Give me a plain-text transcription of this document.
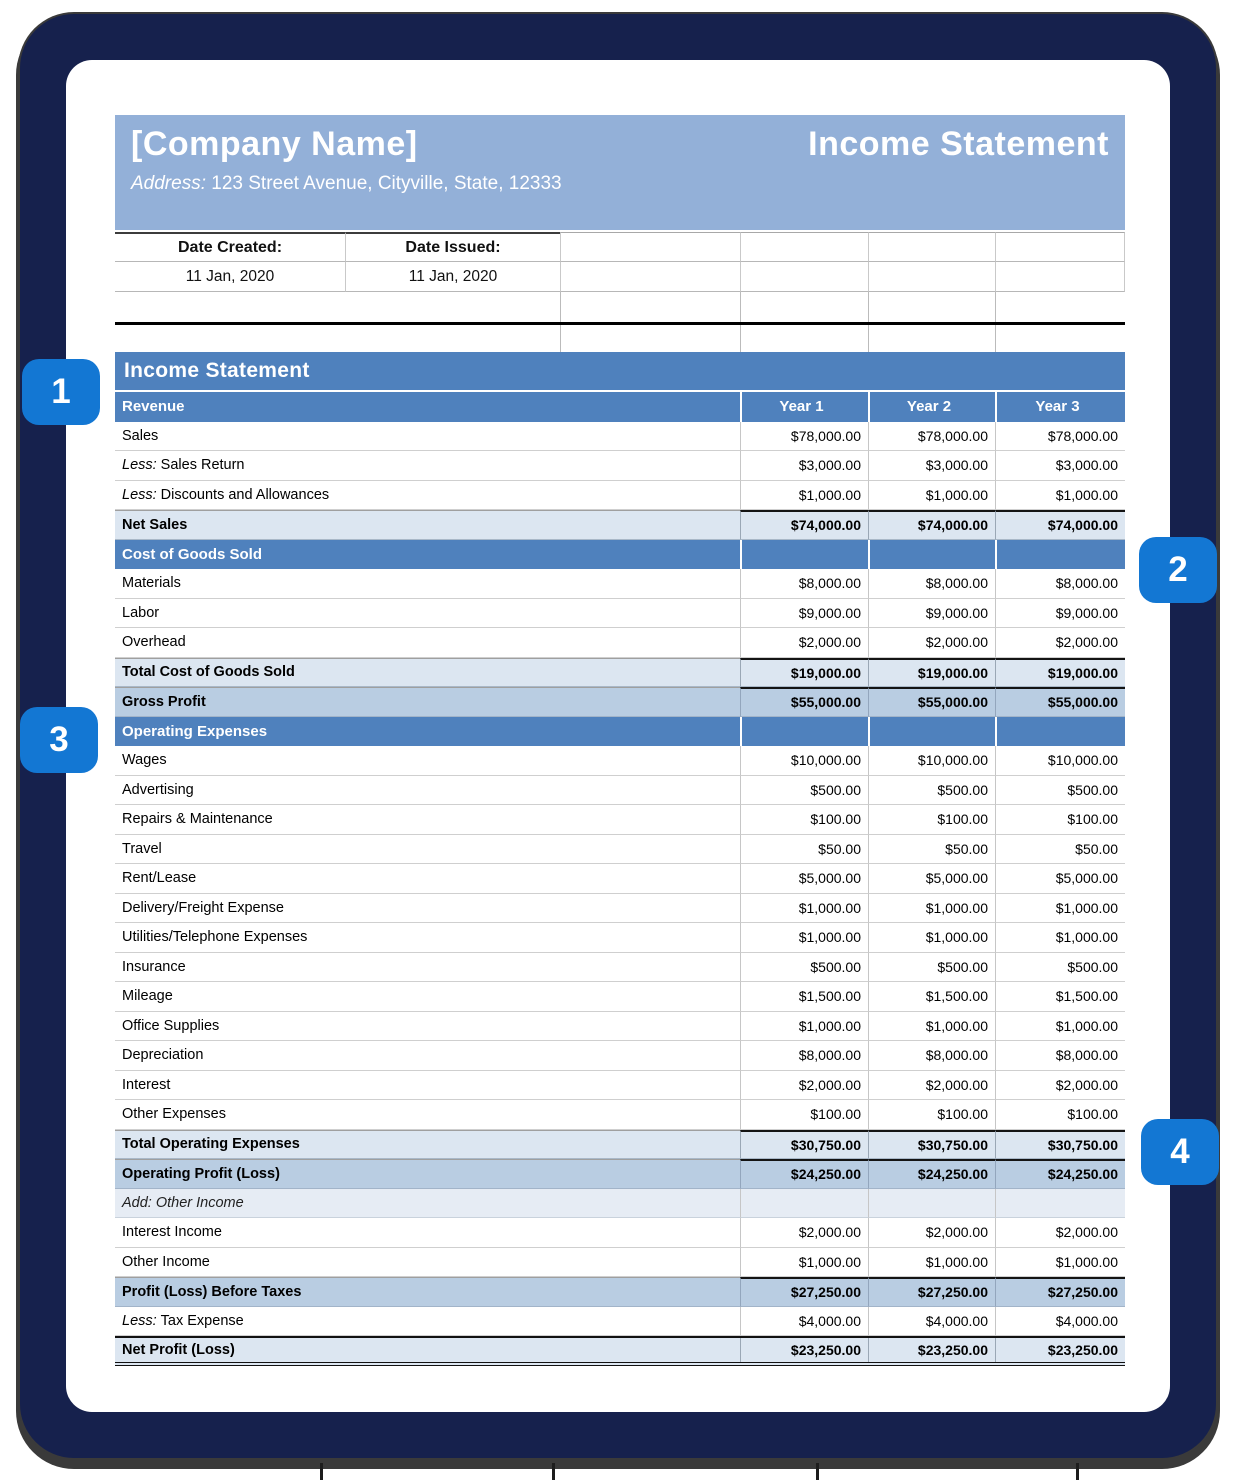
[Company Name]	Income Statement
Address: 123 Street Avenue, Cityville, State, 12333
Date Created:	Date Issued:
11 Jan, 2020	11 Jan, 2020
Income Statement
Revenue	Year 1	Year 2	Year 3
Sales	$78,000.00	$78,000.00	$78,000.00
Less: Sales Return	$3,000.00	$3,000.00	$3,000.00
Less: Discounts and Allowances	$1,000.00	$1,000.00	$1,000.00
Net Sales	$74,000.00	$74,000.00	$74,000.00
Cost of Goods Sold
Materials	$8,000.00	$8,000.00	$8,000.00
Labor	$9,000.00	$9,000.00	$9,000.00
Overhead	$2,000.00	$2,000.00	$2,000.00
Total Cost of Goods Sold	$19,000.00	$19,000.00	$19,000.00
Gross Profit	$55,000.00	$55,000.00	$55,000.00
Operating Expenses
Wages	$10,000.00	$10,000.00	$10,000.00
Advertising	$500.00	$500.00	$500.00
Repairs & Maintenance	$100.00	$100.00	$100.00
Travel	$50.00	$50.00	$50.00
Rent/Lease	$5,000.00	$5,000.00	$5,000.00
Delivery/Freight Expense	$1,000.00	$1,000.00	$1,000.00
Utilities/Telephone Expenses	$1,000.00	$1,000.00	$1,000.00
Insurance	$500.00	$500.00	$500.00
Mileage	$1,500.00	$1,500.00	$1,500.00
Office Supplies	$1,000.00	$1,000.00	$1,000.00
Depreciation	$8,000.00	$8,000.00	$8,000.00
Interest	$2,000.00	$2,000.00	$2,000.00
Other Expenses	$100.00	$100.00	$100.00
Total Operating Expenses	$30,750.00	$30,750.00	$30,750.00
Operating Profit (Loss)	$24,250.00	$24,250.00	$24,250.00
Add: Other Income
Interest Income	$2,000.00	$2,000.00	$2,000.00
Other Income	$1,000.00	$1,000.00	$1,000.00
Profit (Loss) Before Taxes	$27,250.00	$27,250.00	$27,250.00
Less: Tax Expense	$4,000.00	$4,000.00	$4,000.00
Net Profit (Loss)	$23,250.00	$23,250.00	$23,250.00
1
2
3
4
